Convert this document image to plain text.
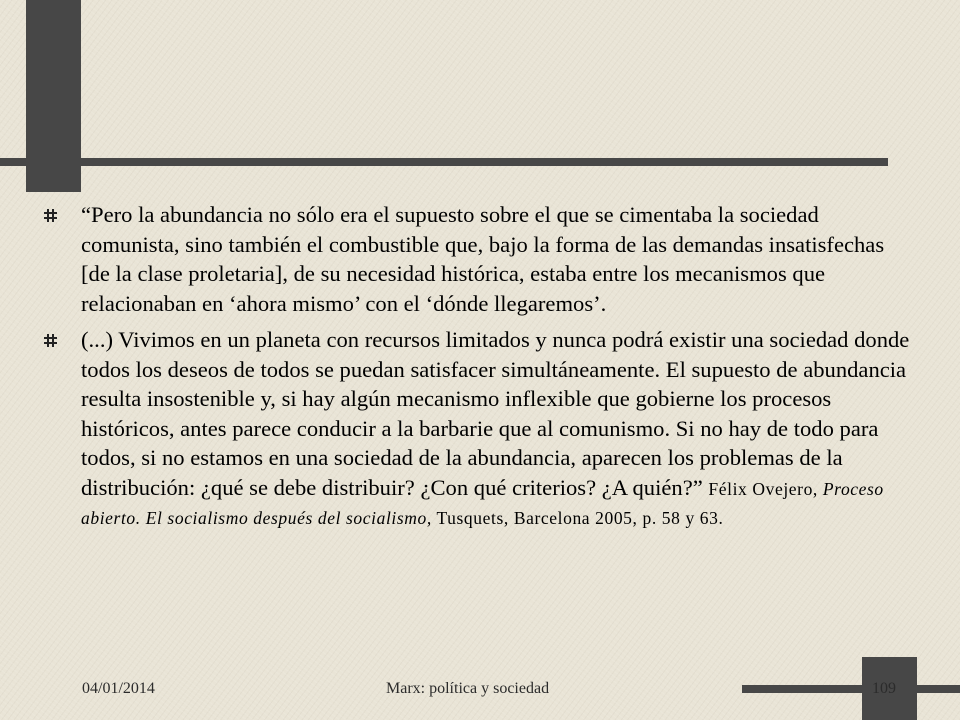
“Pero la abundancia no sólo era el supuesto sobre el que se cimentaba la sociedad comunista, sino también el combustible que, bajo la forma de las demandas insatisfechas [de la clase proletaria], de su necesidad histórica, estaba entre los mecanismos que relacionaban en ‘ahora mismo’ con el ‘dónde llegaremos’.
(...) Vivimos en un planeta con recursos limitados y nunca podrá existir una sociedad donde todos los deseos de todos se puedan satisfacer simultáneamente. El supuesto de abundancia resulta insostenible y, si hay algún mecanismo inflexible que gobierne los procesos históricos, antes parece conducir a la barbarie que al comunismo. Si no hay de todo para todos, si no estamos en una sociedad de la abundancia, aparecen los problemas de la distribución: ¿qué se debe distribuir? ¿Con qué criterios? ¿A quién?” Félix Ovejero, Proceso abierto. El socialismo después del socialismo, Tusquets, Barcelona 2005, p. 58 y 63.
04/01/2014	Marx: política y sociedad	109
